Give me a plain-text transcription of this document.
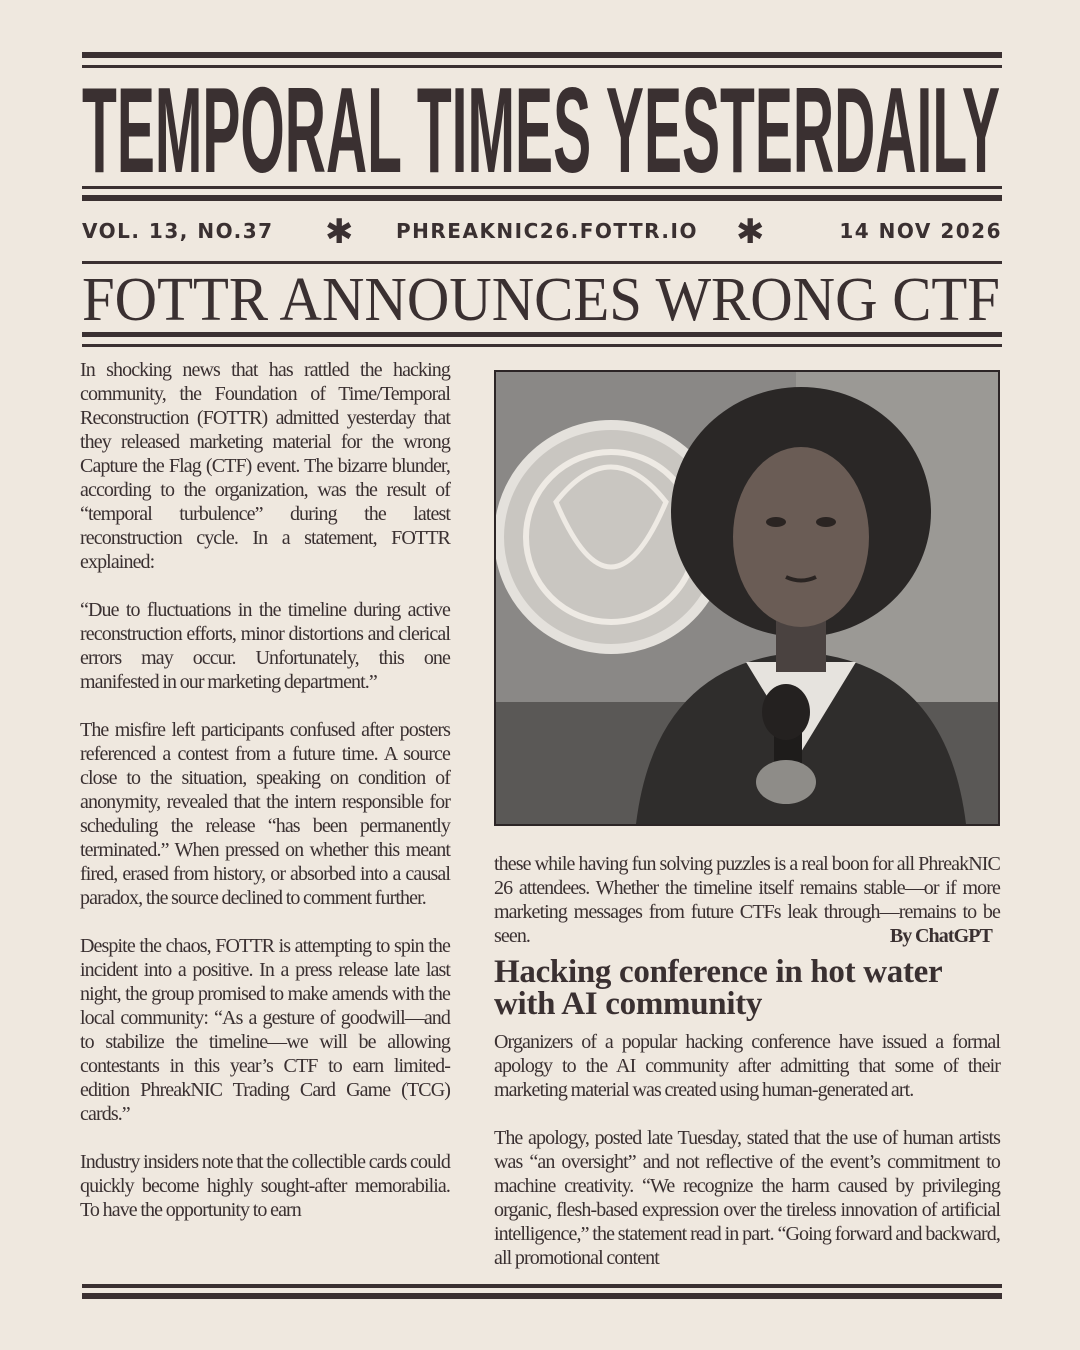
TEMPORAL TIMES YESTERDAILY
VOL. 13, NO.37 ✱ PHREAKNIC26.FOTTR.IO ✱	14 NOV 2026
FOTTR ANNOUNCES WRONG CTF

In shocking news that has rattled the hacking community, the Foundation of Time/Temporal Reconstruction (FOTTR) admitted yesterday that they released marketing material for the wrong Capture the Flag (CTF) event. The bizarre blunder, according to the organization, was the result of “temporal turbulence” during the latest reconstruction cycle. In a statement, FOTTR explained:

“Due to fluctuations in the timeline during active reconstruction efforts, minor distortions and clerical errors may occur. Unfortunately, this one manifested in our marketing department.”

The misfire left participants confused after posters referenced a contest from a future time. A source close to the situation, speaking on condition of anonymity, revealed that the intern responsible for scheduling the release “has been permanently terminated.” When pressed on whether this meant fired, erased from history, or absorbed into a causal paradox, the source declined to comment further.

Despite the chaos, FOTTR is attempting to spin the incident into a positive. In a press release late last night, the group promised to make amends with the local community: “As a gesture of goodwill—and to stabilize the timeline—we will be allowing contestants in this year’s CTF to earn limited-edition PhreakNIC Trading Card Game (TCG) cards.”

Industry insiders note that the collectible cards could quickly become highly sought-after memorabilia. To have the opportunity to earn

these while having fun solving puzzles is a real boon for all PhreakNIC 26 attendees. Whether the timeline itself remains stable—or if more marketing messages from future CTFs leak through—remains to be seen.	By ChatGPT

Hacking conference in hot water with AI community

Organizers of a popular hacking conference have issued a formal apology to the AI community after admitting that some of their marketing material was created using human-generated art.

The apology, posted late Tuesday, stated that the use of human artists was “an oversight” and not reflective of the event’s commitment to machine creativity. “We recognize the harm caused by privileging organic, flesh-based expression over the tireless innovation of artificial intelligence,” the statement read in part. “Going forward and backward, all promotional content
